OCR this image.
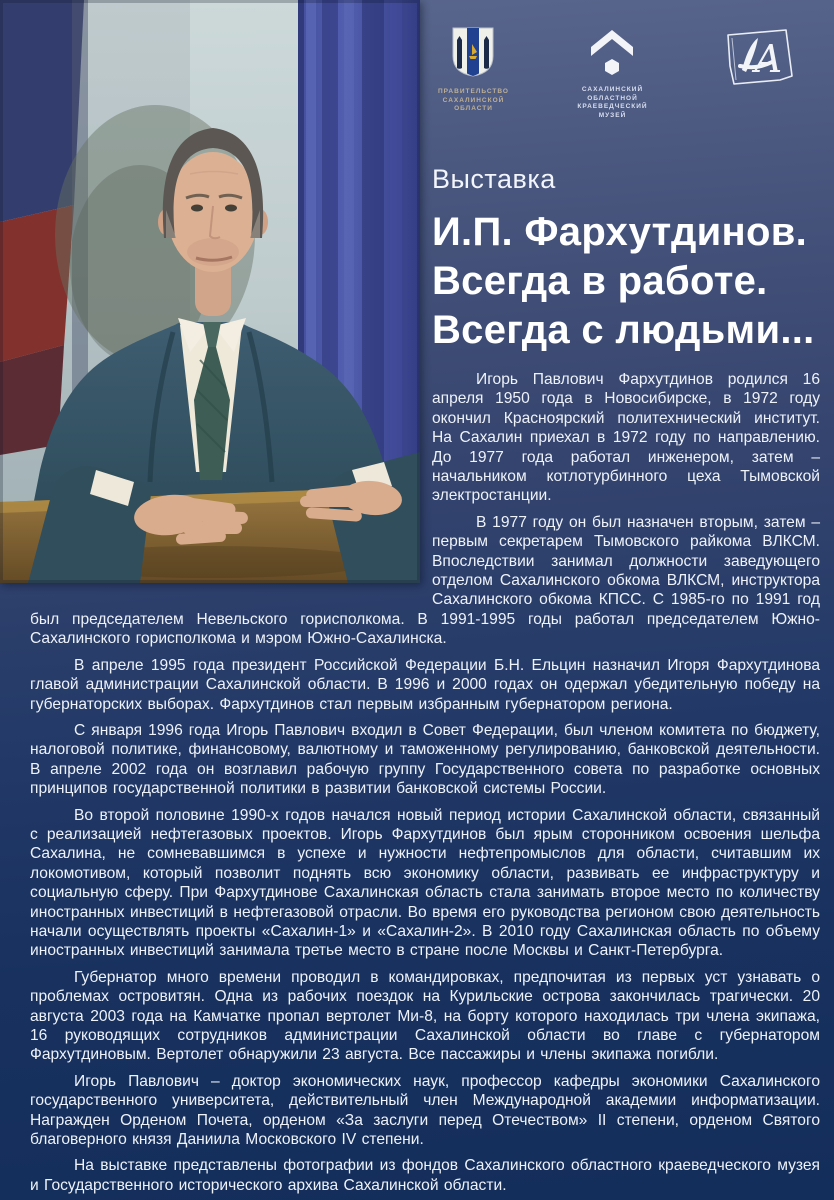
ПРАВИТЕЛЬСТВО
САХАЛИНСКОЙ
ОБЛАСТИ
САХАЛИНСКИЙ
ОБЛАСТНОЙ
КРАЕВЕДЧЕСКИЙ
МУЗЕЙ
А

Выставка

И.П. Фархутдинов.
Всегда в работе.
Всегда с людьми...

Игорь Павлович Фархутдинов родился 16 апреля 1950 года в Новосибирске, в 1972 году окончил Красноярский политехнический институт. На Сахалин приехал в 1972 году по направлению. До 1977 года работал инженером, затем – начальником котлотурбинного цеха Тымовской электростанции.

В 1977 году он был назначен вторым, затем – первым секретарем Тымовского райкома ВЛКСМ. Впоследствии занимал должности заведующего отделом Сахалинского обкома ВЛКСМ, инструктора Сахалинского обкома КПСС. С 1985-го по 1991 год был председателем Невельского горисполкома. В 1991-1995 годы работал председателем Южно-Сахалинского горисполкома и мэром Южно-Сахалинска.

В апреле 1995 года президент Российской Федерации Б.Н. Ельцин назначил Игоря Фархутдинова главой администрации Сахалинской области. В 1996 и 2000 годах он одержал убедительную победу на губернаторских выборах. Фархутдинов стал первым избранным губернатором региона.

С января 1996 года Игорь Павлович входил в Совет Федерации, был членом комитета по бюджету, налоговой политике, финансовому, валютному и таможенному регулированию, банковской деятельности. В апреле 2002 года он возглавил рабочую группу Государственного совета по разработке основных принципов государственной политики в развитии банковской системы России.

Во второй половине 1990-х годов начался новый период истории Сахалинской области, связанный с реализацией нефтегазовых проектов. Игорь Фархутдинов был ярым сторонником освоения шельфа Сахалина, не сомневавшимся в успехе и нужности нефтепромыслов для области, считавшим их локомотивом, который позволит поднять всю экономику области, развивать ее инфраструктуру и социальную сферу. При Фархутдинове Сахалинская область стала занимать второе место по количеству иностранных инвестиций в нефтегазовой отрасли. Во время его руководства регионом свою деятельность начали осуществлять проекты «Сахалин-1» и «Сахалин-2». В 2010 году Сахалинская область по объему иностранных инвестиций занимала третье место в стране после Москвы и Санкт-Петербурга.

Губернатор много времени проводил в командировках, предпочитая из первых уст узнавать о проблемах островитян. Одна из рабочих поездок на Курильские острова закончилась трагически. 20 августа 2003 года на Камчатке пропал вертолет Ми-8, на борту которого находилась три члена экипажа, 16 руководящих сотрудников администрации Сахалинской области во главе с губернатором Фархутдиновым. Вертолет обнаружили 23 августа. Все пассажиры и члены экипажа погибли.

Игорь Павлович – доктор экономических наук, профессор кафедры экономики Сахалинского государственного университета, действительный член Международной академии информатизации. Награжден Орденом Почета, орденом «За заслуги перед Отечеством» II степени, орденом Святого благоверного князя Даниила Московского IV степени.

На выставке представлены фотографии из фондов Сахалинского областного краеведческого музея и Государственного исторического архива Сахалинской области.
